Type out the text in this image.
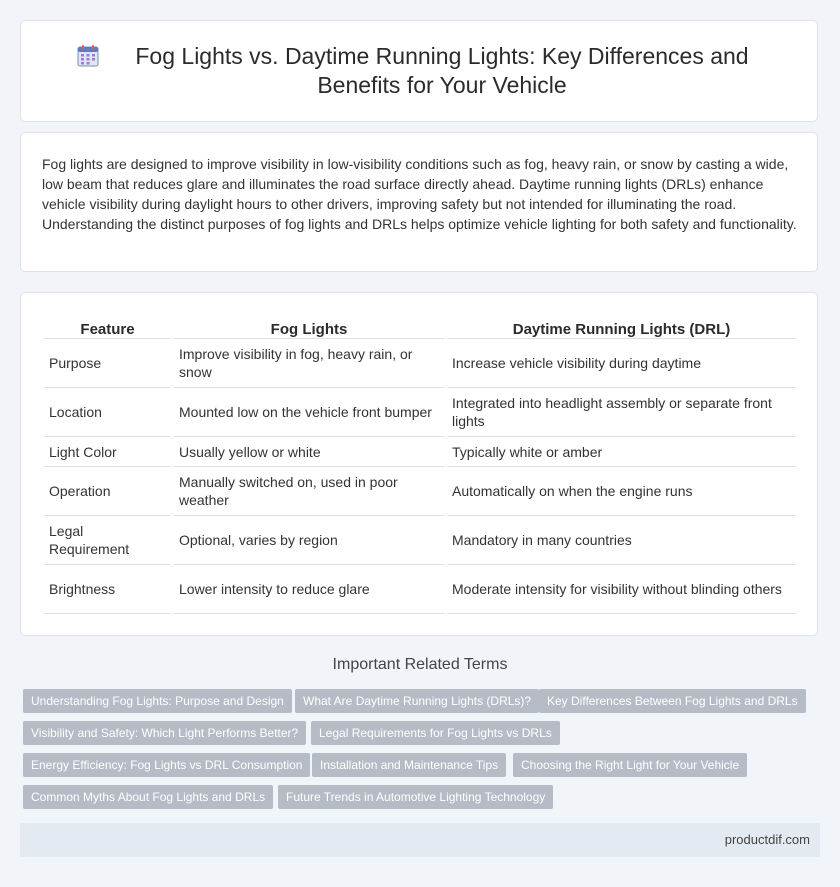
Fog Lights vs. Daytime Running Lights: Key Differences and Benefits for Your Vehicle

Fog lights are designed to improve visibility in low-visibility conditions such as fog, heavy rain, or snow by casting a wide, low beam that reduces glare and illuminates the road surface directly ahead. Daytime running lights (DRLs) enhance vehicle visibility during daylight hours to other drivers, improving safety but not intended for illuminating the road. Understanding the distinct purposes of fog lights and DRLs helps optimize vehicle lighting for both safety and functionality.

Feature	Fog Lights	Daytime Running Lights (DRL)
Purpose	Improve visibility in fog, heavy rain, or snow	Increase vehicle visibility during daytime
Location	Mounted low on the vehicle front bumper	Integrated into headlight assembly or separate front lights
Light Color	Usually yellow or white	Typically white or amber
Operation	Manually switched on, used in poor weather	Automatically on when the engine runs
Legal Requirement	Optional, varies by region	Mandatory in many countries
Brightness	Lower intensity to reduce glare	Moderate intensity for visibility without blinding others
Important Related Terms
Understanding Fog Lights: Purpose and Design	What Are Daytime Running Lights (DRLs)?	Key Differences Between Fog Lights and DRLs
Visibility and Safety: Which Light Performs Better?	Legal Requirements for Fog Lights vs DRLs
Energy Efficiency: Fog Lights vs DRL Consumption	Installation and Maintenance Tips	Choosing the Right Light for Your Vehicle
Common Myths About Fog Lights and DRLs	Future Trends in Automotive Lighting Technology
productdif.com
